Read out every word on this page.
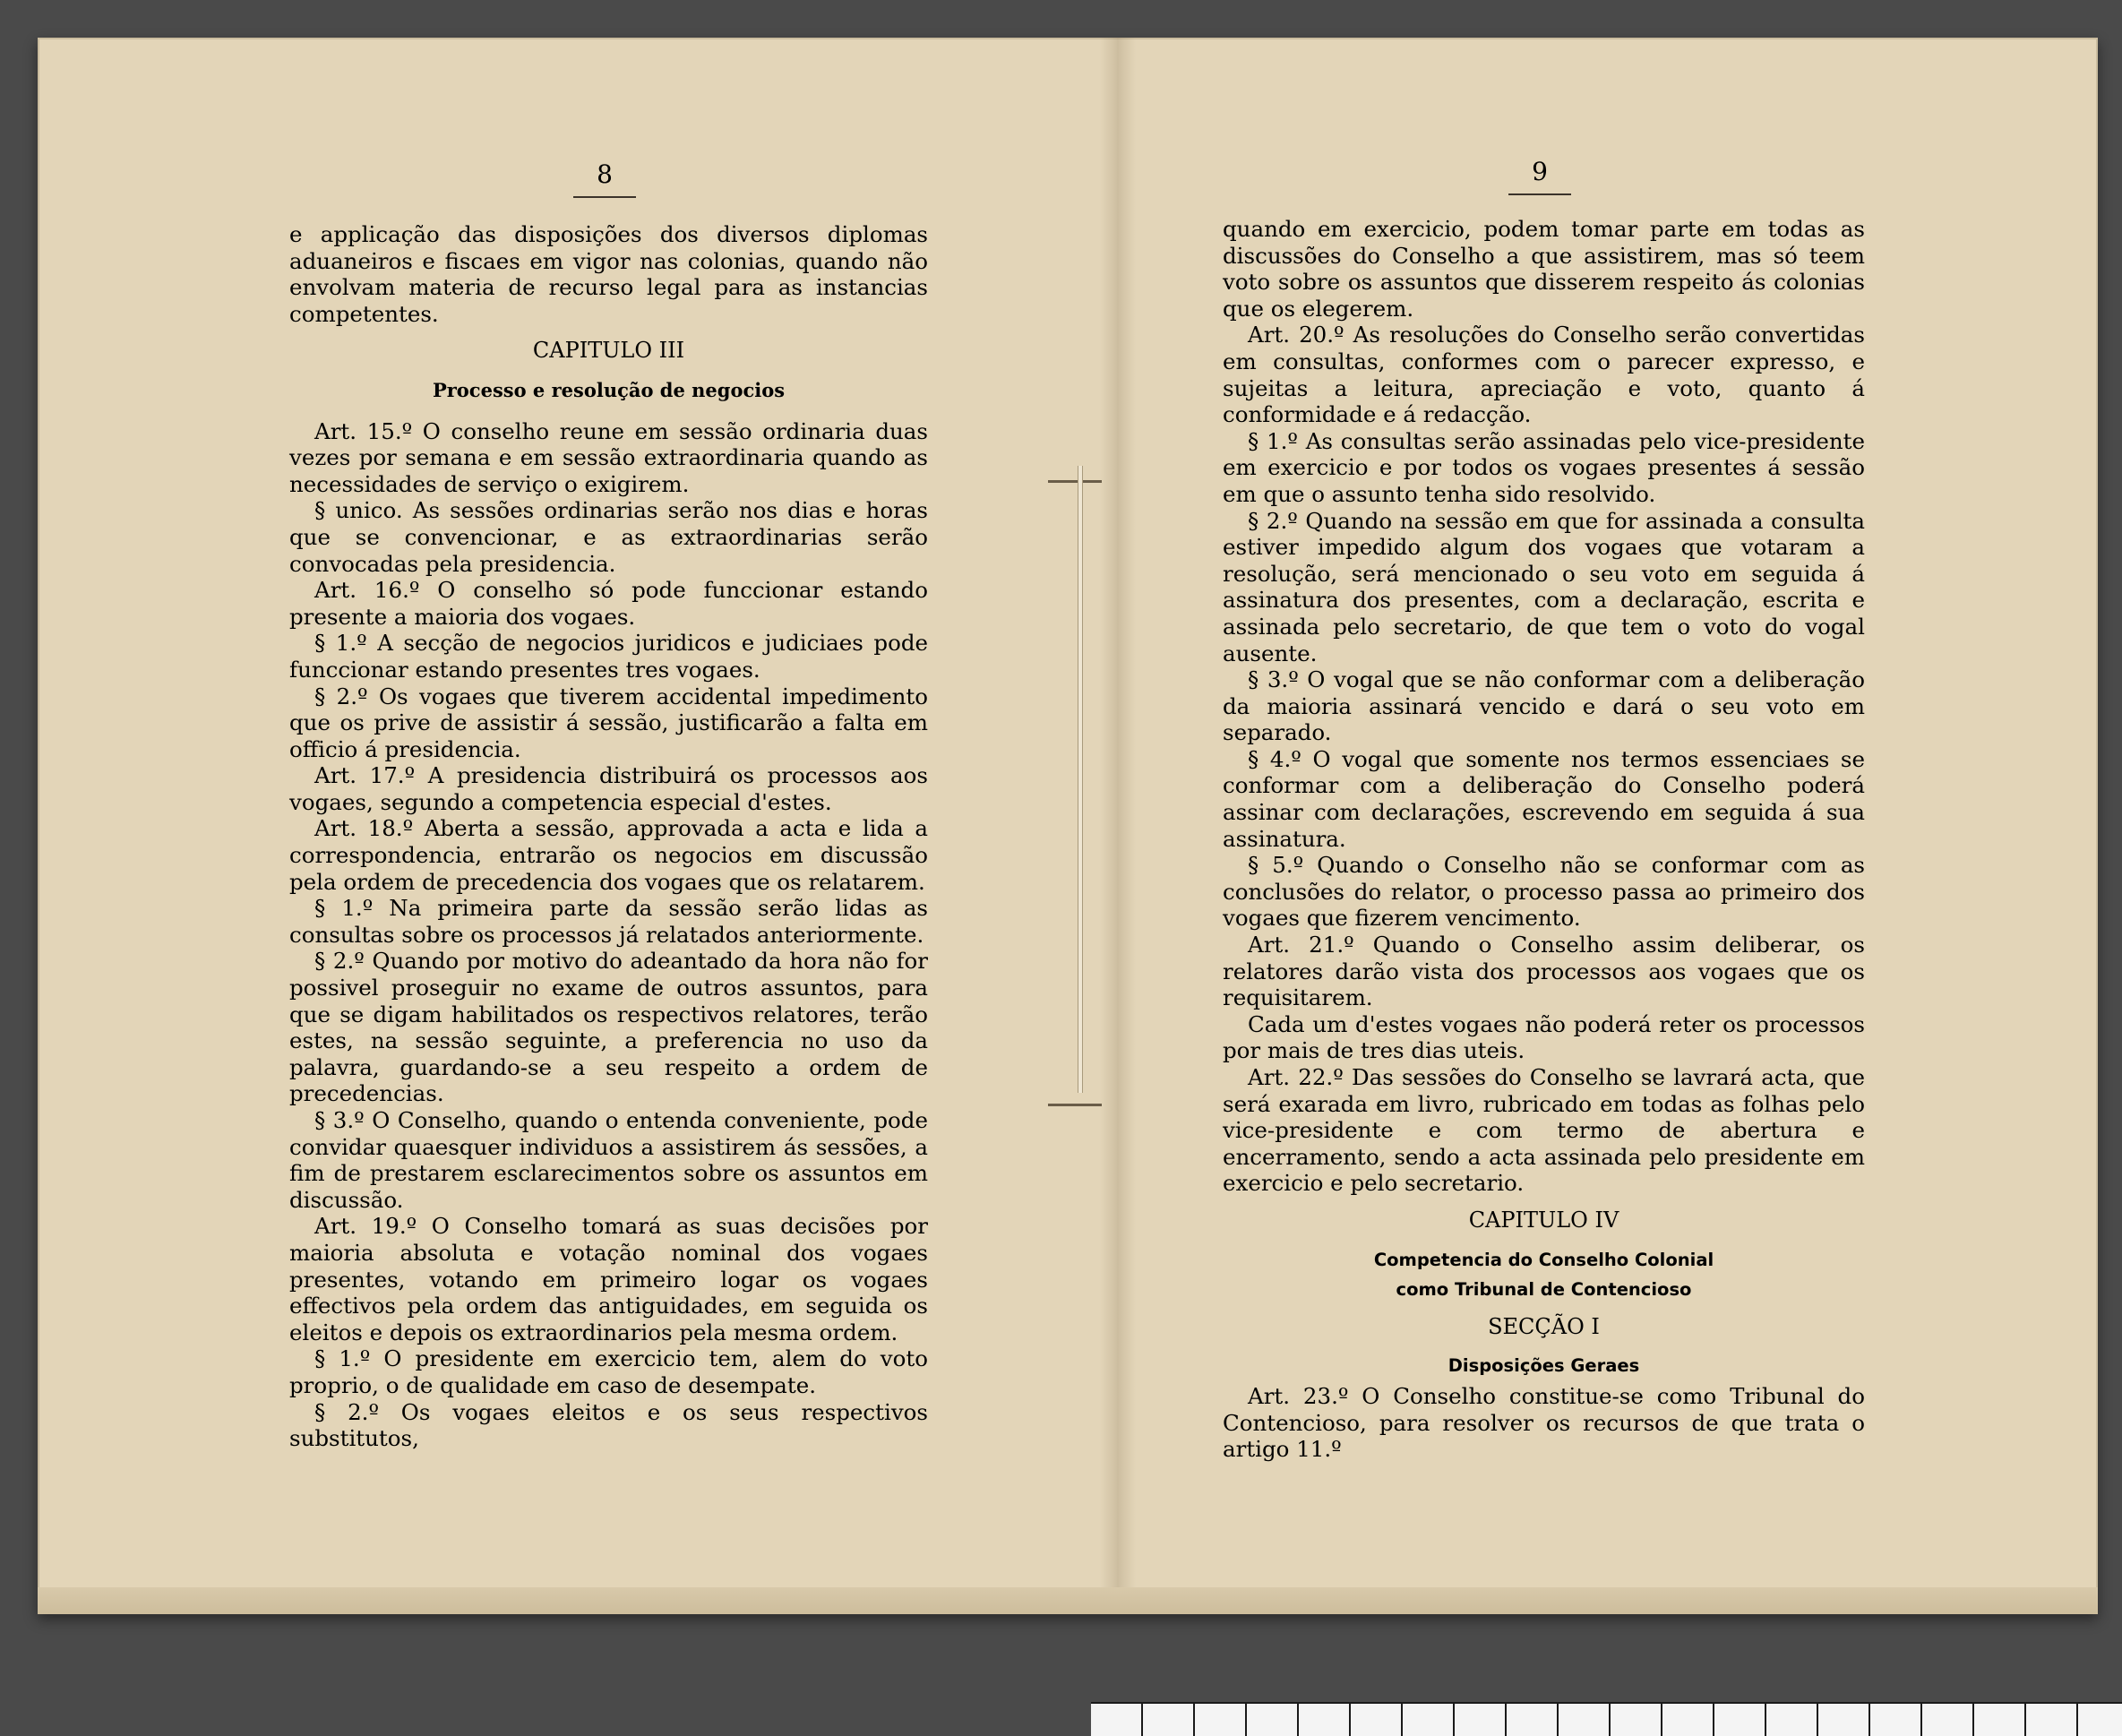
8

e applicação das disposições dos diversos diplomas aduaneiros e fiscaes em vigor nas colonias, quando não envolvam materia de recurso legal para as instancias competentes.

CAPITULO III

Processo e resolução de negocios

Art. 15.º O conselho reune em sessão ordinaria duas vezes por semana e em sessão extraordinaria quando as necessidades de serviço o exigirem.

§ unico. As sessões ordinarias serão nos dias e horas que se convencionar, e as extraordinarias serão convocadas pela presidencia.

Art. 16.º O conselho só pode funccionar estando presente a maioria dos vogaes.

§ 1.º A secção de negocios juridicos e judiciaes pode funccionar estando presentes tres vogaes.

§ 2.º Os vogaes que tiverem accidental impedimento que os prive de assistir á sessão, justificarão a falta em officio á presidencia.

Art. 17.º A presidencia distribuirá os processos aos vogaes, segundo a competencia especial d'estes.

Art. 18.º Aberta a sessão, approvada a acta e lida a correspondencia, entrarão os negocios em discussão pela ordem de precedencia dos vogaes que os relatarem.

§ 1.º Na primeira parte da sessão serão lidas as consultas sobre os processos já relatados anteriormente.

§ 2.º Quando por motivo do adeantado da hora não for possivel proseguir no exame de outros assuntos, para que se digam habilitados os respectivos relatores, terão estes, na sessão seguinte, a preferencia no uso da palavra, guardando-se a seu respeito a ordem de precedencias.

§ 3.º O Conselho, quando o entenda conveniente, pode convidar quaesquer individuos a assistirem ás sessões, a fim de prestarem esclarecimentos sobre os assuntos em discussão.

Art. 19.º O Conselho tomará as suas decisões por maioria absoluta e votação nominal dos vogaes presentes, votando em primeiro logar os vogaes effectivos pela ordem das antiguidades, em seguida os eleitos e depois os extraordinarios pela mesma ordem.

§ 1.º O presidente em exercicio tem, alem do voto proprio, o de qualidade em caso de desempate.

§ 2.º Os vogaes eleitos e os seus respectivos substitutos,

9

quando em exercicio, podem tomar parte em todas as discussões do Conselho a que assistirem, mas só teem voto sobre os assuntos que disserem respeito ás colonias que os elegerem.

Art. 20.º As resoluções do Conselho serão convertidas em consultas, conformes com o parecer expresso, e sujeitas a leitura, apreciação e voto, quanto á conformidade e á redacção.

§ 1.º As consultas serão assinadas pelo vice-presidente em exercicio e por todos os vogaes presentes á sessão em que o assunto tenha sido resolvido.

§ 2.º Quando na sessão em que for assinada a consulta estiver impedido algum dos vogaes que votaram a resolução, será mencionado o seu voto em seguida á assinatura dos presentes, com a declaração, escrita e assinada pelo secretario, de que tem o voto do vogal ausente.

§ 3.º O vogal que se não conformar com a deliberação da maioria assinará vencido e dará o seu voto em separado.

§ 4.º O vogal que somente nos termos essenciaes se conformar com a deliberação do Conselho poderá assinar com declarações, escrevendo em seguida á sua assinatura.

§ 5.º Quando o Conselho não se conformar com as conclusões do relator, o processo passa ao primeiro dos vogaes que fizerem vencimento.

Art. 21.º Quando o Conselho assim deliberar, os relatores darão vista dos processos aos vogaes que os requisitarem.

Cada um d'estes vogaes não poderá reter os processos por mais de tres dias uteis.

Art. 22.º Das sessões do Conselho se lavrará acta, que será exarada em livro, rubricado em todas as folhas pelo vice-presidente e com termo de abertura e encerramento, sendo a acta assinada pelo presidente em exercicio e pelo secretario.

CAPITULO IV

Competencia do Conselho Colonial

como Tribunal de Contencioso

SECÇÃO I

Disposições Geraes

Art. 23.º O Conselho constitue-se como Tribunal do Contencioso, para resolver os recursos de que trata o artigo 11.º
